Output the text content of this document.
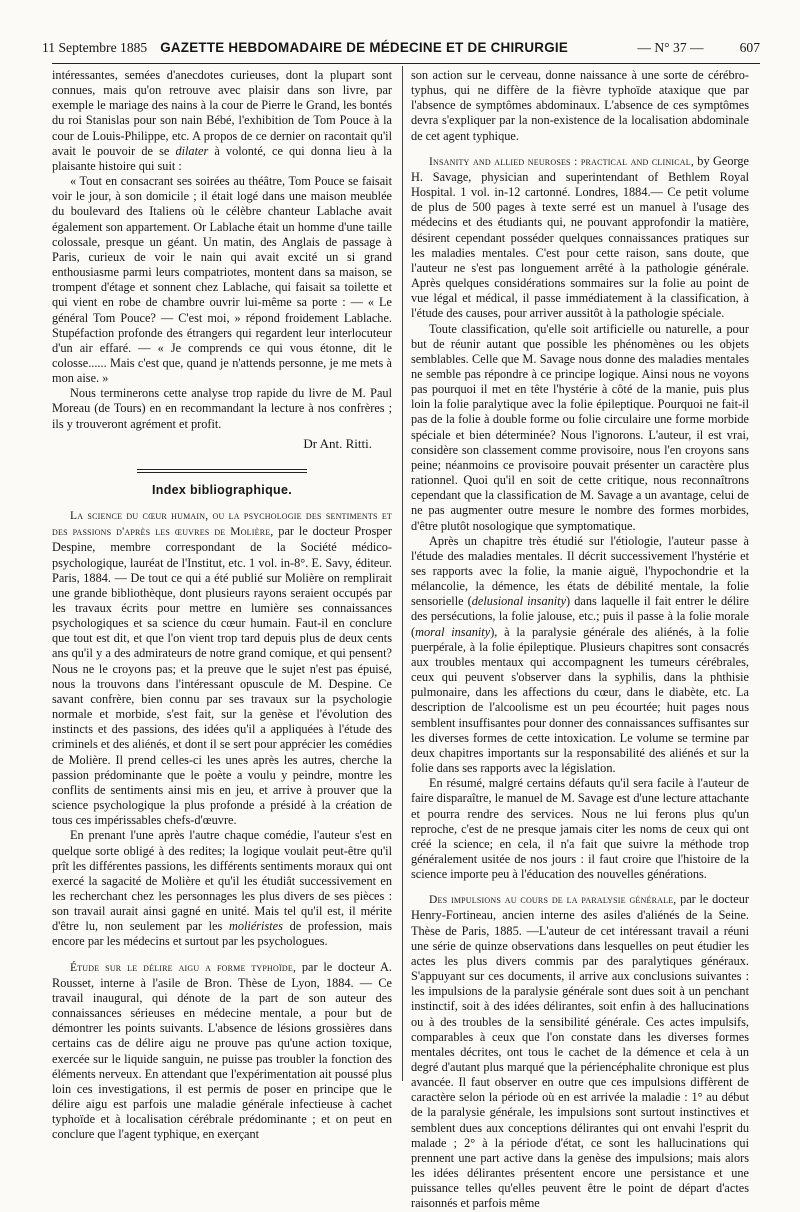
11 Septembre 1885 GAZETTE HEBDOMADAIRE DE MÉDECINE ET DE CHIRURGIE	— N° 37 —	607

intéressantes, semées d'anecdotes curieuses, dont la plupart sont connues, mais qu'on retrouve avec plaisir dans son livre, par exemple le mariage des nains à la cour de Pierre le Grand, les bontés du roi Stanislas pour son nain Bébé, l'exhibition de Tom Pouce à la cour de Louis-Philippe, etc. A propos de ce dernier on racontait qu'il avait le pouvoir de se dilater à volonté, ce qui donna lieu à la plaisante histoire qui suit :

« Tout en consacrant ses soirées au théâtre, Tom Pouce se faisait voir le jour, à son domicile ; il était logé dans une maison meublée du boulevard des Italiens où le célèbre chanteur Lablache avait également son appartement. Or Lablache était un homme d'une taille colossale, presque un géant. Un matin, des Anglais de passage à Paris, curieux de voir le nain qui avait excité un si grand enthousiasme parmi leurs compatriotes, montent dans sa maison, se trompent d'étage et sonnent chez Lablache, qui faisait sa toilette et qui vient en robe de chambre ouvrir lui-même sa porte : — « Le général Tom Pouce? — C'est moi, » répond froidement Lablache. Stupéfaction profonde des étrangers qui regardent leur interlocuteur d'un air effaré. — « Je comprends ce qui vous étonne, dit le colosse...... Mais c'est que, quand je n'attends personne, je me mets à mon aise. »

Nous terminerons cette analyse trop rapide du livre de M. Paul Moreau (de Tours) en en recommandant la lecture à nos confrères ; ils y trouveront agrément et profit.

Dr Ant. Ritti.

Index bibliographique.

La science du cœur humain, ou la psychologie des sentiments et des passions d'après les œuvres de Molière, par le docteur Prosper Despine, membre correspondant de la Société médico-psychologique, lauréat de l'Institut, etc. 1 vol. in-8°. E. Savy, éditeur. Paris, 1884. — De tout ce qui a été publié sur Molière on remplirait une grande bibliothèque, dont plusieurs rayons seraient occupés par les travaux écrits pour mettre en lumière ses connaissances psychologiques et sa science du cœur humain. Faut-il en conclure que tout est dit, et que l'on vient trop tard depuis plus de deux cents ans qu'il y a des admirateurs de notre grand comique, et qui pensent? Nous ne le croyons pas; et la preuve que le sujet n'est pas épuisé, nous la trouvons dans l'intéressant opuscule de M. Despine. Ce savant confrère, bien connu par ses travaux sur la psychologie normale et morbide, s'est fait, sur la genèse et l'évolution des instincts et des passions, des idées qu'il a appliquées à l'étude des criminels et des aliénés, et dont il se sert pour apprécier les comédies de Molière. Il prend celles-ci les unes après les autres, cherche la passion prédominante que le poète a voulu y peindre, montre les conflits de sentiments ainsi mis en jeu, et arrive à prouver que la science psychologique la plus profonde a présidé à la création de tous ces impérissables chefs-d'œuvre.

En prenant l'une après l'autre chaque comédie, l'auteur s'est en quelque sorte obligé à des redites; la logique voulait peut-être qu'il prît les différentes passions, les différents sentiments moraux qui ont exercé la sagacité de Molière et qu'il les étudiât successivement en les recherchant chez les personnages les plus divers de ses pièces : son travail aurait ainsi gagné en unité. Mais tel qu'il est, il mérite d'être lu, non seulement par les moliéristes de profession, mais encore par les médecins et surtout par les psychologues.

Étude sur le délire aigu a forme typhoïde, par le docteur A. Rousset, interne à l'asile de Bron. Thèse de Lyon, 1884. — Ce travail inaugural, qui dénote de la part de son auteur des connaissances sérieuses en médecine mentale, a pour but de démontrer les points suivants. L'absence de lésions grossières dans certains cas de délire aigu ne prouve pas qu'une action toxique, exercée sur le liquide sanguin, ne puisse pas troubler la fonction des éléments nerveux. En attendant que l'expérimentation ait poussé plus loin ces investigations, il est permis de poser en principe que le délire aigu est parfois une maladie générale infectieuse à cachet typhoïde et à localisation cérébrale prédominante ; et on peut en conclure que l'agent typhique, en exerçant

son action sur le cerveau, donne naissance à une sorte de cérébro-typhus, qui ne diffère de la fièvre typhoïde ataxique que par l'absence de symptômes abdominaux. L'absence de ces symptômes devra s'expliquer par la non-existence de la localisation abdominale de cet agent typhique.

Insanity and allied neuroses : practical and clinical, by George H. Savage, physician and superintendant of Bethlem Royal Hospital. 1 vol. in-12 cartonné. Londres, 1884.— Ce petit volume de plus de 500 pages à texte serré est un manuel à l'usage des médecins et des étudiants qui, ne pouvant approfondir la matière, désirent cependant posséder quelques connaissances pratiques sur les maladies mentales. C'est pour cette raison, sans doute, que l'auteur ne s'est pas longuement arrêté à la pathologie générale. Après quelques considérations sommaires sur la folie au point de vue légal et médical, il passe immédiatement à la classification, à l'étude des causes, pour arriver aussitôt à la pathologie spéciale.

Toute classification, qu'elle soit artificielle ou naturelle, a pour but de réunir autant que possible les phénomènes ou les objets semblables. Celle que M. Savage nous donne des maladies mentales ne semble pas répondre à ce principe logique. Ainsi nous ne voyons pas pourquoi il met en tête l'hystérie à côté de la manie, puis plus loin la folie paralytique avec la folie épileptique. Pourquoi ne fait-il pas de la folie à double forme ou folie circulaire une forme morbide spéciale et bien déterminée? Nous l'ignorons. L'auteur, il est vrai, considère son classement comme provisoire, nous l'en croyons sans peine; néanmoins ce provisoire pouvait présenter un caractère plus rationnel. Quoi qu'il en soit de cette critique, nous reconnaîtrons cependant que la classification de M. Savage a un avantage, celui de ne pas augmenter outre mesure le nombre des formes morbides, d'être plutôt nosologique que symptomatique.

Après un chapitre très étudié sur l'étiologie, l'auteur passe à l'étude des maladies mentales. Il décrit successivement l'hystérie et ses rapports avec la folie, la manie aiguë, l'hypochondrie et la mélancolie, la démence, les états de débilité mentale, la folie sensorielle (delusional insanity) dans laquelle il fait entrer le délire des persécutions, la folie jalouse, etc.; puis il passe à la folie morale (moral insanity), à la paralysie générale des aliénés, à la folie puerpérale, à la folie épileptique. Plusieurs chapitres sont consacrés aux troubles mentaux qui accompagnent les tumeurs cérébrales, ceux qui peuvent s'observer dans la syphilis, dans la phthisie pulmonaire, dans les affections du cœur, dans le diabète, etc. La description de l'alcoolisme est un peu écourtée; huit pages nous semblent insuffisantes pour donner des connaissances suffisantes sur les diverses formes de cette intoxication. Le volume se termine par deux chapitres importants sur la responsabilité des aliénés et sur la folie dans ses rapports avec la législation.

En résumé, malgré certains défauts qu'il sera facile à l'auteur de faire disparaître, le manuel de M. Savage est d'une lecture attachante et pourra rendre des services. Nous ne lui ferons plus qu'un reproche, c'est de ne presque jamais citer les noms de ceux qui ont créé la science; en cela, il n'a fait que suivre la méthode trop généralement usitée de nos jours : il faut croire que l'histoire de la science importe peu à l'éducation des nouvelles générations.

Des impulsions au cours de la paralysie générale, par le docteur Henry-Fortineau, ancien interne des asiles d'aliénés de la Seine. Thèse de Paris, 1885. —L'auteur de cet intéressant travail a réuni une série de quinze observations dans lesquelles on peut étudier les actes les plus divers commis par des paralytiques généraux. S'appuyant sur ces documents, il arrive aux conclusions suivantes : les impulsions de la paralysie générale sont dues soit à un penchant instinctif, soit à des idées délirantes, soit enfin à des hallucinations ou à des troubles de la sensibilité générale. Ces actes impulsifs, comparables à ceux que l'on constate dans les diverses formes mentales décrites, ont tous le cachet de la démence et cela à un degré d'autant plus marqué que la périencéphalite chronique est plus avancée. Il faut observer en outre que ces impulsions diffèrent de caractère selon la période où en est arrivée la maladie : 1° au début de la paralysie générale, les impulsions sont surtout instinctives et semblent dues aux conceptions délirantes qui ont envahi l'esprit du malade ; 2° à la période d'état, ce sont les hallucinations qui prennent une part active dans la genèse des impulsions; mais alors les idées délirantes présentent encore une persistance et une puissance telles qu'elles peuvent être le point de départ d'actes raisonnés et parfois même
